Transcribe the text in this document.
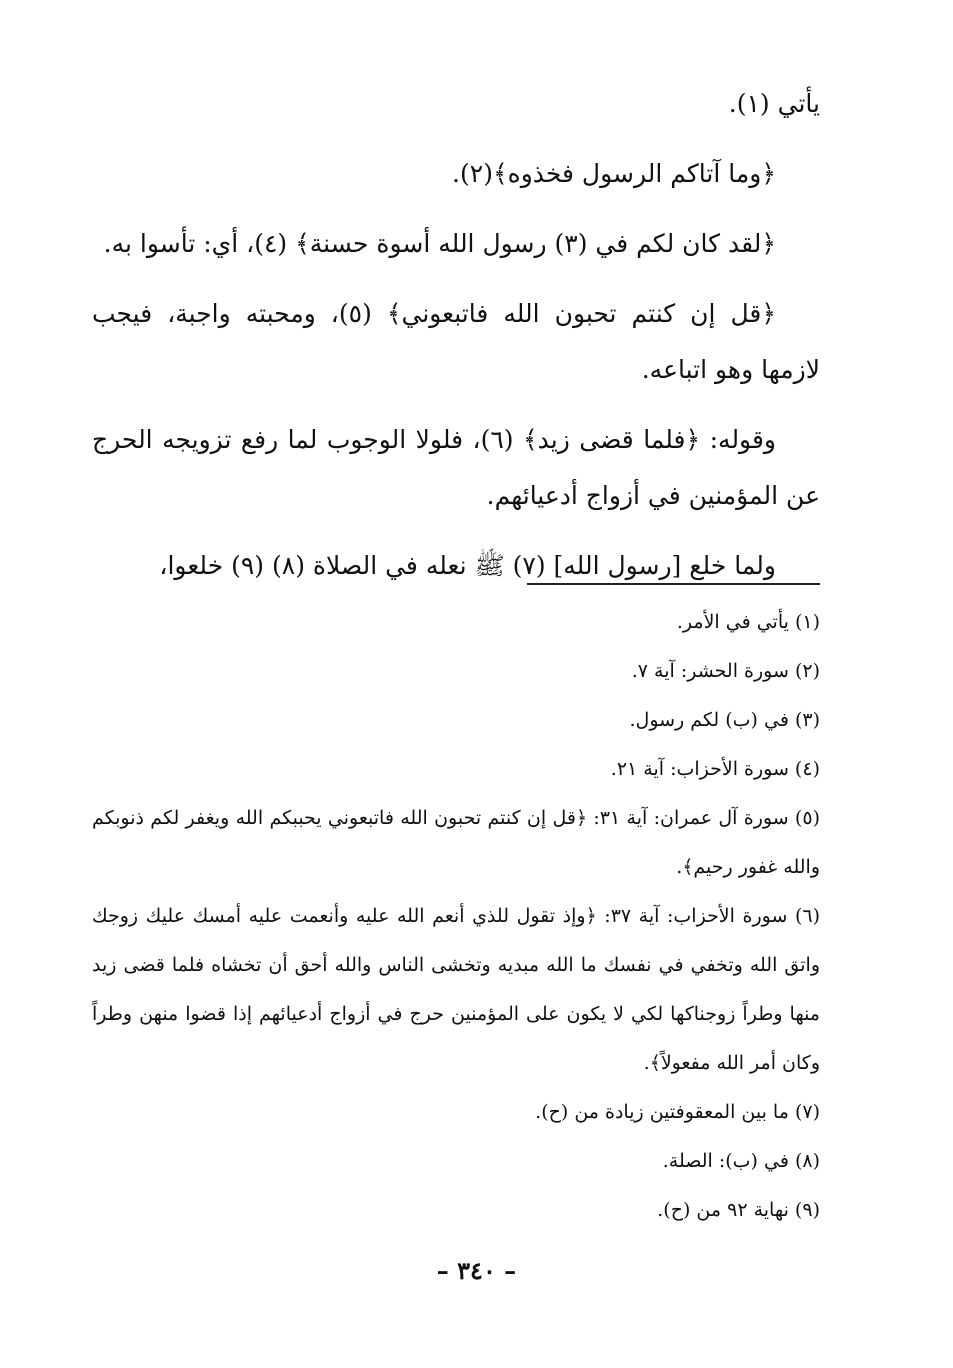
يأتي (١).

﴿وما آتاكم الرسول فخذوه﴾(٢).

﴿لقد كان لكم في (٣) رسول الله أسوة حسنة﴾ (٤)، أي: تأسوا به.

﴿قل إن كنتم تحبون الله فاتبعوني﴾ (٥)، ومحبته واجبة، فيجب لازمها وهو اتباعه.

وقوله: ﴿فلما قضى زيد﴾ (٦)، فلولا الوجوب لما رفع تزويجه الحرج عن المؤمنين في أزواج أدعيائهم.

ولما خلع [رسول الله] (٧) ﷺ نعله في الصلاة (٨) (٩) خلعوا،

(١) يأتي في الأمر.

(٢) سورة الحشر: آية ٧.

(٣) في (ب) لكم رسول.

(٤) سورة الأحزاب: آية ٢١.

(٥) سورة آل عمران: آية ٣١: ﴿قل إن كنتم تحبون الله فاتبعوني يحببكم الله ويغفر لكم ذنوبكم والله غفور رحيم﴾.

(٦) سورة الأحزاب: آية ٣٧: ﴿وإذ تقول للذي أنعم الله عليه وأنعمت عليه أمسك عليك زوجك واتق الله وتخفي في نفسك ما الله مبديه وتخشى الناس والله أحق أن تخشاه فلما قضى زيد منها وطراً زوجناكها لكي لا يكون على المؤمنين حرج في أزواج أدعيائهم إذا قضوا منهن وطراً وكان أمر الله مفعولاً﴾.

(٧) ما بين المعقوفتين زيادة من (ح).

(٨) في (ب): الصلة.

(٩) نهاية ٩٢ من (ح).

– ٣٤٠ –
